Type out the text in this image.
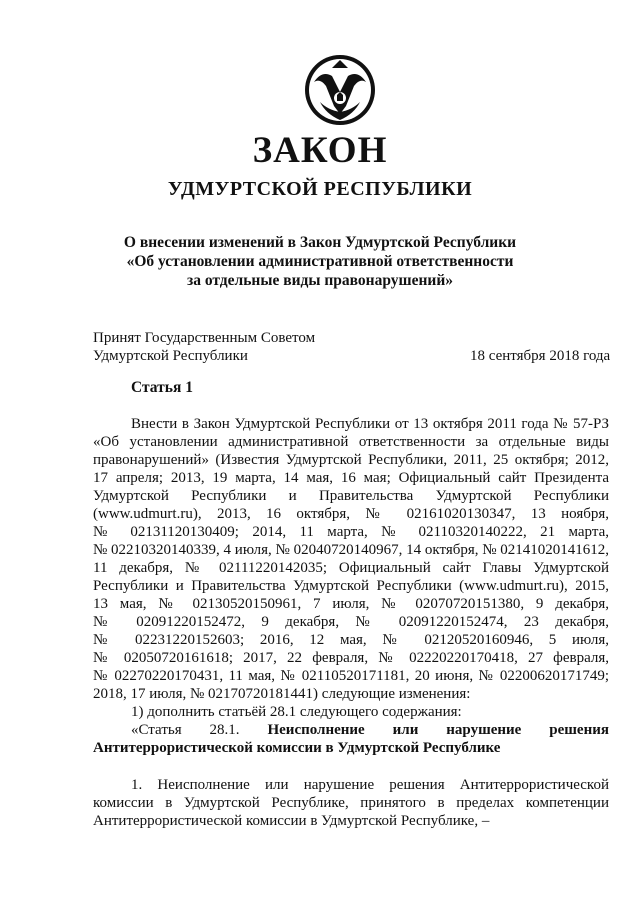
ЗАКОН
УДМУРТСКОЙ РЕСПУБЛИКИ
О внесении изменений в Закон Удмуртской Республики
«Об установлении административной ответственности
за отдельные виды правонарушений»
Принят Государственным Советом
Удмуртской Республики	18 сентября 2018 года
Статья 1
Внести в Закон Удмуртской Республики от 13 октября 2011 года № 57-РЗ
«Об установлении административной ответственности за отдельные виды
правонарушений» (Известия Удмуртской Республики, 2011, 25 октября; 2012,
17 апреля; 2013, 19 марта, 14 мая, 16 мая; Официальный сайт Президента
Удмуртской Республики и Правительства Удмуртской Республики
(www.udmurt.ru), 2013, 16 октября, № 02161020130347, 13 ноября,
№ 02131120130409; 2014, 11 марта, № 02110320140222, 21 марта,
№ 02210320140339, 4 июля, № 02040720140967, 14 октября, № 02141020141612,
11 декабря, № 02111220142035; Официальный сайт Главы Удмуртской
Республики и Правительства Удмуртской Республики (www.udmurt.ru), 2015,
13 мая, № 02130520150961, 7 июля, № 02070720151380, 9 декабря,
№ 02091220152472, 9 декабря, № 02091220152474, 23 декабря,
№ 02231220152603; 2016, 12 мая, № 02120520160946, 5 июля,
№ 02050720161618; 2017, 22 февраля, № 02220220170418, 27 февраля,
№ 02270220170431, 11 мая, № 02110520171181, 20 июня, № 02200620171749;
2018, 17 июля, № 02170720181441) следующие изменения:
1) дополнить статьёй 28.1 следующего содержания:
«Статья 28.1. Неисполнение или нарушение решения
Антитеррористической комиссии в Удмуртской Республике
1. Неисполнение или нарушение решения Антитеррористической
комиссии в Удмуртской Республике, принятого в пределах компетенции
Антитеррористической комиссии в Удмуртской Республике, –
